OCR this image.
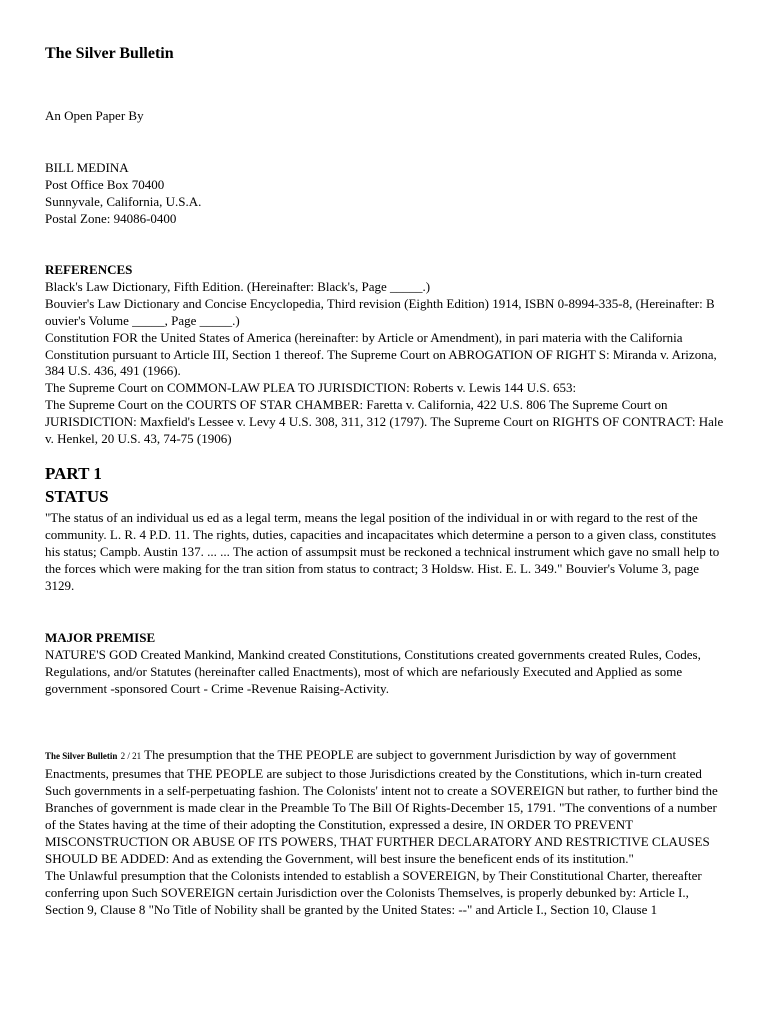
The Silver Bulletin

An Open Paper By

BILL MEDINA
Post Office Box 70400
Sunnyvale, California, U.S.A.
Postal Zone: 94086-0400

REFERENCES

Black's Law Dictionary, Fifth Edition. (Hereinafter: Black's, Page _____.)

Bouvier's Law Dictionary and Concise Encyclopedia, Third revision (Eighth Edition) 1914, ISBN 0-8994-335-8, (Hereinafter: B ouvier's Volume _____, Page _____.)

Constitution FOR the United States of America (hereinafter: by Article or Amendment), in pari materia with the California Constitution pursuant to Article III, Section 1 thereof. The Supreme Court on ABROGATION OF RIGHT S: Miranda v. Arizona, 384 U.S. 436, 491 (1966).

The Supreme Court on COMMON-LAW PLEA TO JURISDICTION: Roberts v. Lewis 144 U.S. 653:

The Supreme Court on the COURTS OF STAR CHAMBER: Faretta v. California, 422 U.S. 806 The Supreme Court on JURISDICTION: Maxfield's Lessee v. Levy 4 U.S. 308, 311, 312 (1797). The Supreme Court on RIGHTS OF CONTRACT: Hale v. Henkel, 20 U.S. 43, 74-75 (1906)

PART 1
STATUS

"The status of an individual us ed as a legal term, means the legal position of the individual in or with regard to the rest of the community. L. R. 4 P.D. 11. The rights, duties, capacities and incapacitates which determine a person to a given class, constitutes his status; Campb. Austin 137. ... ... The action of assumpsit must be reckoned a technical instrument which gave no small help to the forces which were making for the tran sition from status to contract; 3 Holdsw. Hist. E. L. 349." Bouvier's Volume 3, page 3129.

MAJOR PREMISE

NATURE'S GOD Created Mankind, Mankind created Constitutions, Constitutions created governments created Rules, Codes, Regulations, and/or Statutes (hereinafter called Enactments), most of which are nefariously Executed and Applied as some government -sponsored Court - Crime -Revenue Raising-Activity.

The Silver Bulletin 2 / 21 The presumption that the THE PEOPLE are subject to government Jurisdiction by way of government Enactments, presumes that THE PEOPLE are subject to those Jurisdictions created by the Constitutions, which in-turn created Such governments in a self-perpetuating fashion. The Colonists' intent not to create a SOVEREIGN but rather, to further bind the Branches of government is made clear in the Preamble To The Bill Of Rights-December 15, 1791. "The conventions of a number of the States having at the time of their adopting the Constitution, expressed a desire, IN ORDER TO PREVENT MISCONSTRUCTION OR ABUSE OF ITS POWERS, THAT FURTHER DECLARATORY AND RESTRICTIVE CLAUSES SHOULD BE ADDED: And as extending the Government, will best insure the beneficent ends of its institution."

The Unlawful presumption that the Colonists intended to establish a SOVEREIGN, by Their Constitutional Charter, thereafter conferring upon Such SOVEREIGN certain Jurisdiction over the Colonists Themselves, is properly debunked by: Article I., Section 9, Clause 8 "No Title of Nobility shall be granted by the United States: --" and Article I., Section 10, Clause 1
